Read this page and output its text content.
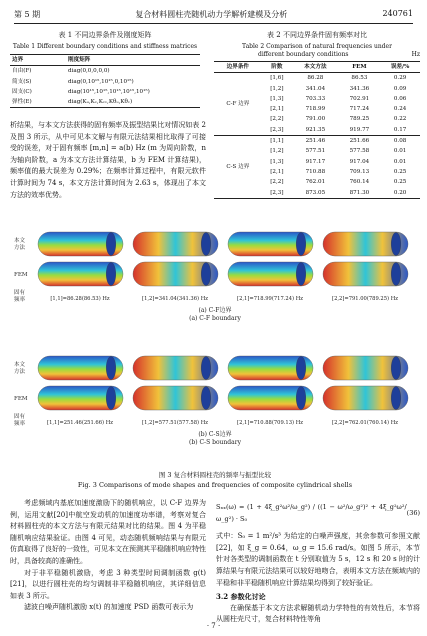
第 5 期	复合材料圆柱壳随机动力学解析建模及分析	240761
表 1 不同边界条件及刚度矩阵
Table 1 Different boundary conditions and stiffness matrices
边界	刚度矩阵
自由(F)	diag(0,0,0,0,0)
简支(S)	diag(0,10¹⁵,10¹⁵,0,10¹⁵)
固支(C)	diag(10¹⁵,10¹⁵,10¹⁵,10¹⁵,10¹⁵)
弹性(E)	diag(Kᵤ,Kᵥ,Kᵥᵥ,Kθᵤ,Kθᵥ)
表 2 不同边界条件固有频率对比
Table 2 Comparison of natural frequencies under
different boundary conditions	Hz
边界条件	阶数	本文方法	FEM	误差/%
C-F 边界	[1,6]	86.28	86.53	0.29
	[1,2]	341.04	341.36	0.09
	[1,3]	703.33	702.91	0.06
	[2,1]	718.99	717.24	0.24
	[2,2]	791.00	789.25	0.22
	[2,3]	921.35	919.77	0.17
C-S 边界	[1,1]	251.46	251.66	0.08
	[1,2]	577.51	577.58	0.01
	[1,3]	917.17	917.04	0.01
	[2,1]	710.88	709.13	0.25
	[2,2]	762.01	760.14	0.25
	[2,3]	873.05	871.30	0.20
析结果，与本文方法获得的固有频率及振型结果比对情况如表 2 及图 3 所示，从中可见本文解与有限元法结果相比取得了可接受的误差，对于固有频率 [m,n] = a(b) Hz (m 为周向阶数，n 为轴向阶数，a 为本文方法计算结果，b 为 FEM 计算结果)，频率值的最大误差为 0.29%；在频率计算过程中，有限元软件计算时间为 74 s，本文方法计算时间为 2.63 s，体现出了本文方法的效率优势。
本文
方法
FEM
固有
频率	[1,1]=86.28(86.53) Hz	[1,2]=341.04(341.36) Hz	[2,1]=718.99(717.24) Hz	[2,2]=791.00(789.25) Hz
(a) C-F边界
(a) C-F boundary
本文
方法
FEM
固有
频率	[1,1]=251.46(251.66) Hz	[1,2]=577.51(577.58) Hz	[2,1]=710.88(709.13) Hz	[2,2]=762.01(760.14) Hz
(b) C-S边界
(b) C-S boundary
图 3 复合材料圆柱壳的频率与振型比较
Fig. 3 Comparisons of mode shapes and frequencies of composite cylindrical shells
考虑频域内基底加速度激励下的随机响应，以 C-F 边界为例，运用文献[20]中航空发动机的加速度功率谱，考察对复合材料圆柱壳的本文方法与有限元结果对比的结果。图 4 为平稳随机响应结果验证。由图 4 可见，动态随机频响结果与有限元仿真取得了良好的一致性，可见本文在预测其平稳随机响应特性时，具备较高的准确性。
对于非平稳随机激励，考虑 3 种类型时间调制函数 g(t)[21]，以进行圆柱壳的均匀调制非平稳随机响应，其详细信息如表 3 所示。
滤波白噪声随机激励 x(t) 的加速度 PSD 函数可表示为
Sₓₓ(ω) = (1 + 4ξ_g²ω²/ω_g²) / ((1 − ω²/ω_g²)² + 4ξ_g²ω²/ω_g²) · S₀
(36)
式中：S₀ = 1 m²/s³ 为给定的白噪声强度，其余参数可参照文献[22]，如 ξ_g = 0.64，ω_g = 15.6 rad/s。如图 5 所示，本节针对各类型的调制函数在 t 分别取值为 5 s，12 s 和 20 s 时的计算结果与有限元法结果可以较好地吻合，表明本文方法在频域内的平稳和非平稳随机响应计算结果均得到了较好验证。
3.2 参数化讨论
在确保基于本文方法求解随机动力学特性的有效性后，本节将从圆柱壳尺寸，复合材料特性等角
· 7 ·
